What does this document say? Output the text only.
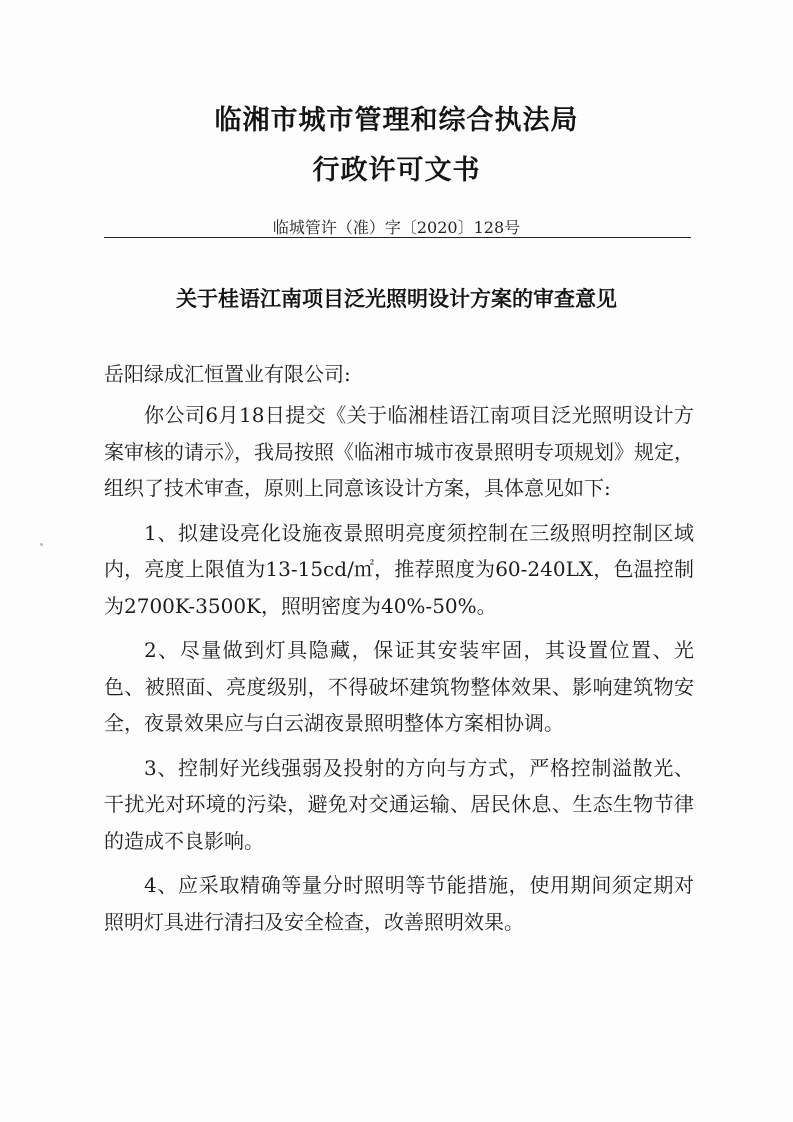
临湘市城市管理和综合执法局
行政许可文书
临城管许（准）字〔2020〕128号
关于桂语江南项目泛光照明设计方案的审查意见
岳阳绿成汇恒置业有限公司:

你公司6月18日提交《关于临湘桂语江南项目泛光照明设计方案审核的请示》，我局按照《临湘市城市夜景照明专项规划》规定，组织了技术审查，原则上同意该设计方案，具体意见如下:

1、拟建设亮化设施夜景照明亮度须控制在三级照明控制区域内，亮度上限值为13-15cd/㎡，推荐照度为60-240LX，色温控制为2700K-3500K，照明密度为40%-50%。

2、尽量做到灯具隐藏，保证其安装牢固，其设置位置、光色、被照面、亮度级别，不得破坏建筑物整体效果、影响建筑物安全，夜景效果应与白云湖夜景照明整体方案相协调。

3、控制好光线强弱及投射的方向与方式，严格控制溢散光、干扰光对环境的污染，避免对交通运输、居民休息、生态生物节律的造成不良影响。

4、应采取精确等量分时照明等节能措施，使用期间须定期对照明灯具进行清扫及安全检查，改善照明效果。
